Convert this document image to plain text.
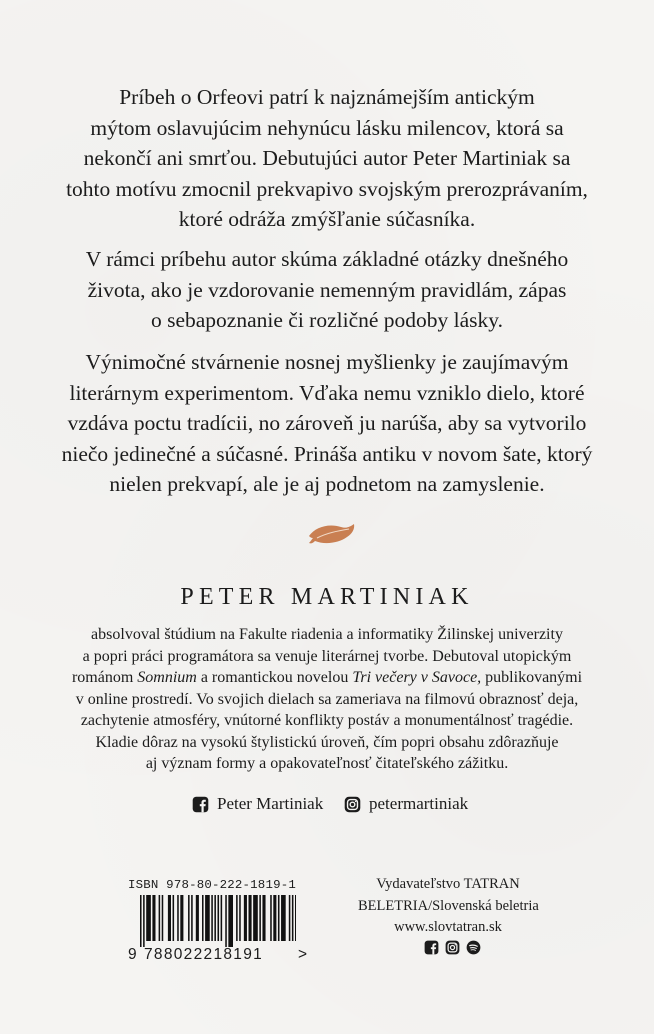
Príbeh o Orfeovi patrí k najznámejším antickým
mýtom oslavujúcim nehynúcu lásku milencov, ktorá sa
nekončí ani smrťou. Debutujúci autor Peter Martiniak sa
tohto motívu zmocnil prekvapivo svojským prerozprávaním,
ktoré odráža zmýšľanie súčasníka.

V rámci príbehu autor skúma základné otázky dnešného
života, ako je vzdorovanie nemenným pravidlám, zápas
o sebapoznanie či rozličné podoby lásky.

Výnimočné stvárnenie nosnej myšlienky je zaujímavým
literárnym experimentom. Vďaka nemu vzniklo dielo, ktoré
vzdáva poctu tradícii, no zároveň ju narúša, aby sa vytvorilo
niečo jedinečné a súčasné. Prináša antiku v novom šate, ktorý
nielen prekvapí, ale je aj podnetom na zamyslenie.

PETER MARTINIAK

absolvoval štúdium na Fakulte riadenia a informatiky Žilinskej univerzity
a popri práci programátora sa venuje literárnej tvorbe. Debutoval utopickým
románom Somnium a romantickou novelou Tri večery v Savoce, publikovanými
v online prostredí. Vo svojich dielach sa zameriava na filmovú obraznosť deja,
zachytenie atmosféry, vnútorné konflikty postáv a monumentálnosť tragédie.
Kladie dôraz na vysokú štylistickú úroveň, čím popri obsahu zdôrazňuje
aj význam formy a opakovateľnosť čitateľského zážitku.

Peter Martiniak	petermartiniak
ISBN 978-80-222-1819-1
9 788022218191 >
Vydavateľstvo TATRAN
BELETRIA/Slovenská beletria
www.slovtatran.sk
